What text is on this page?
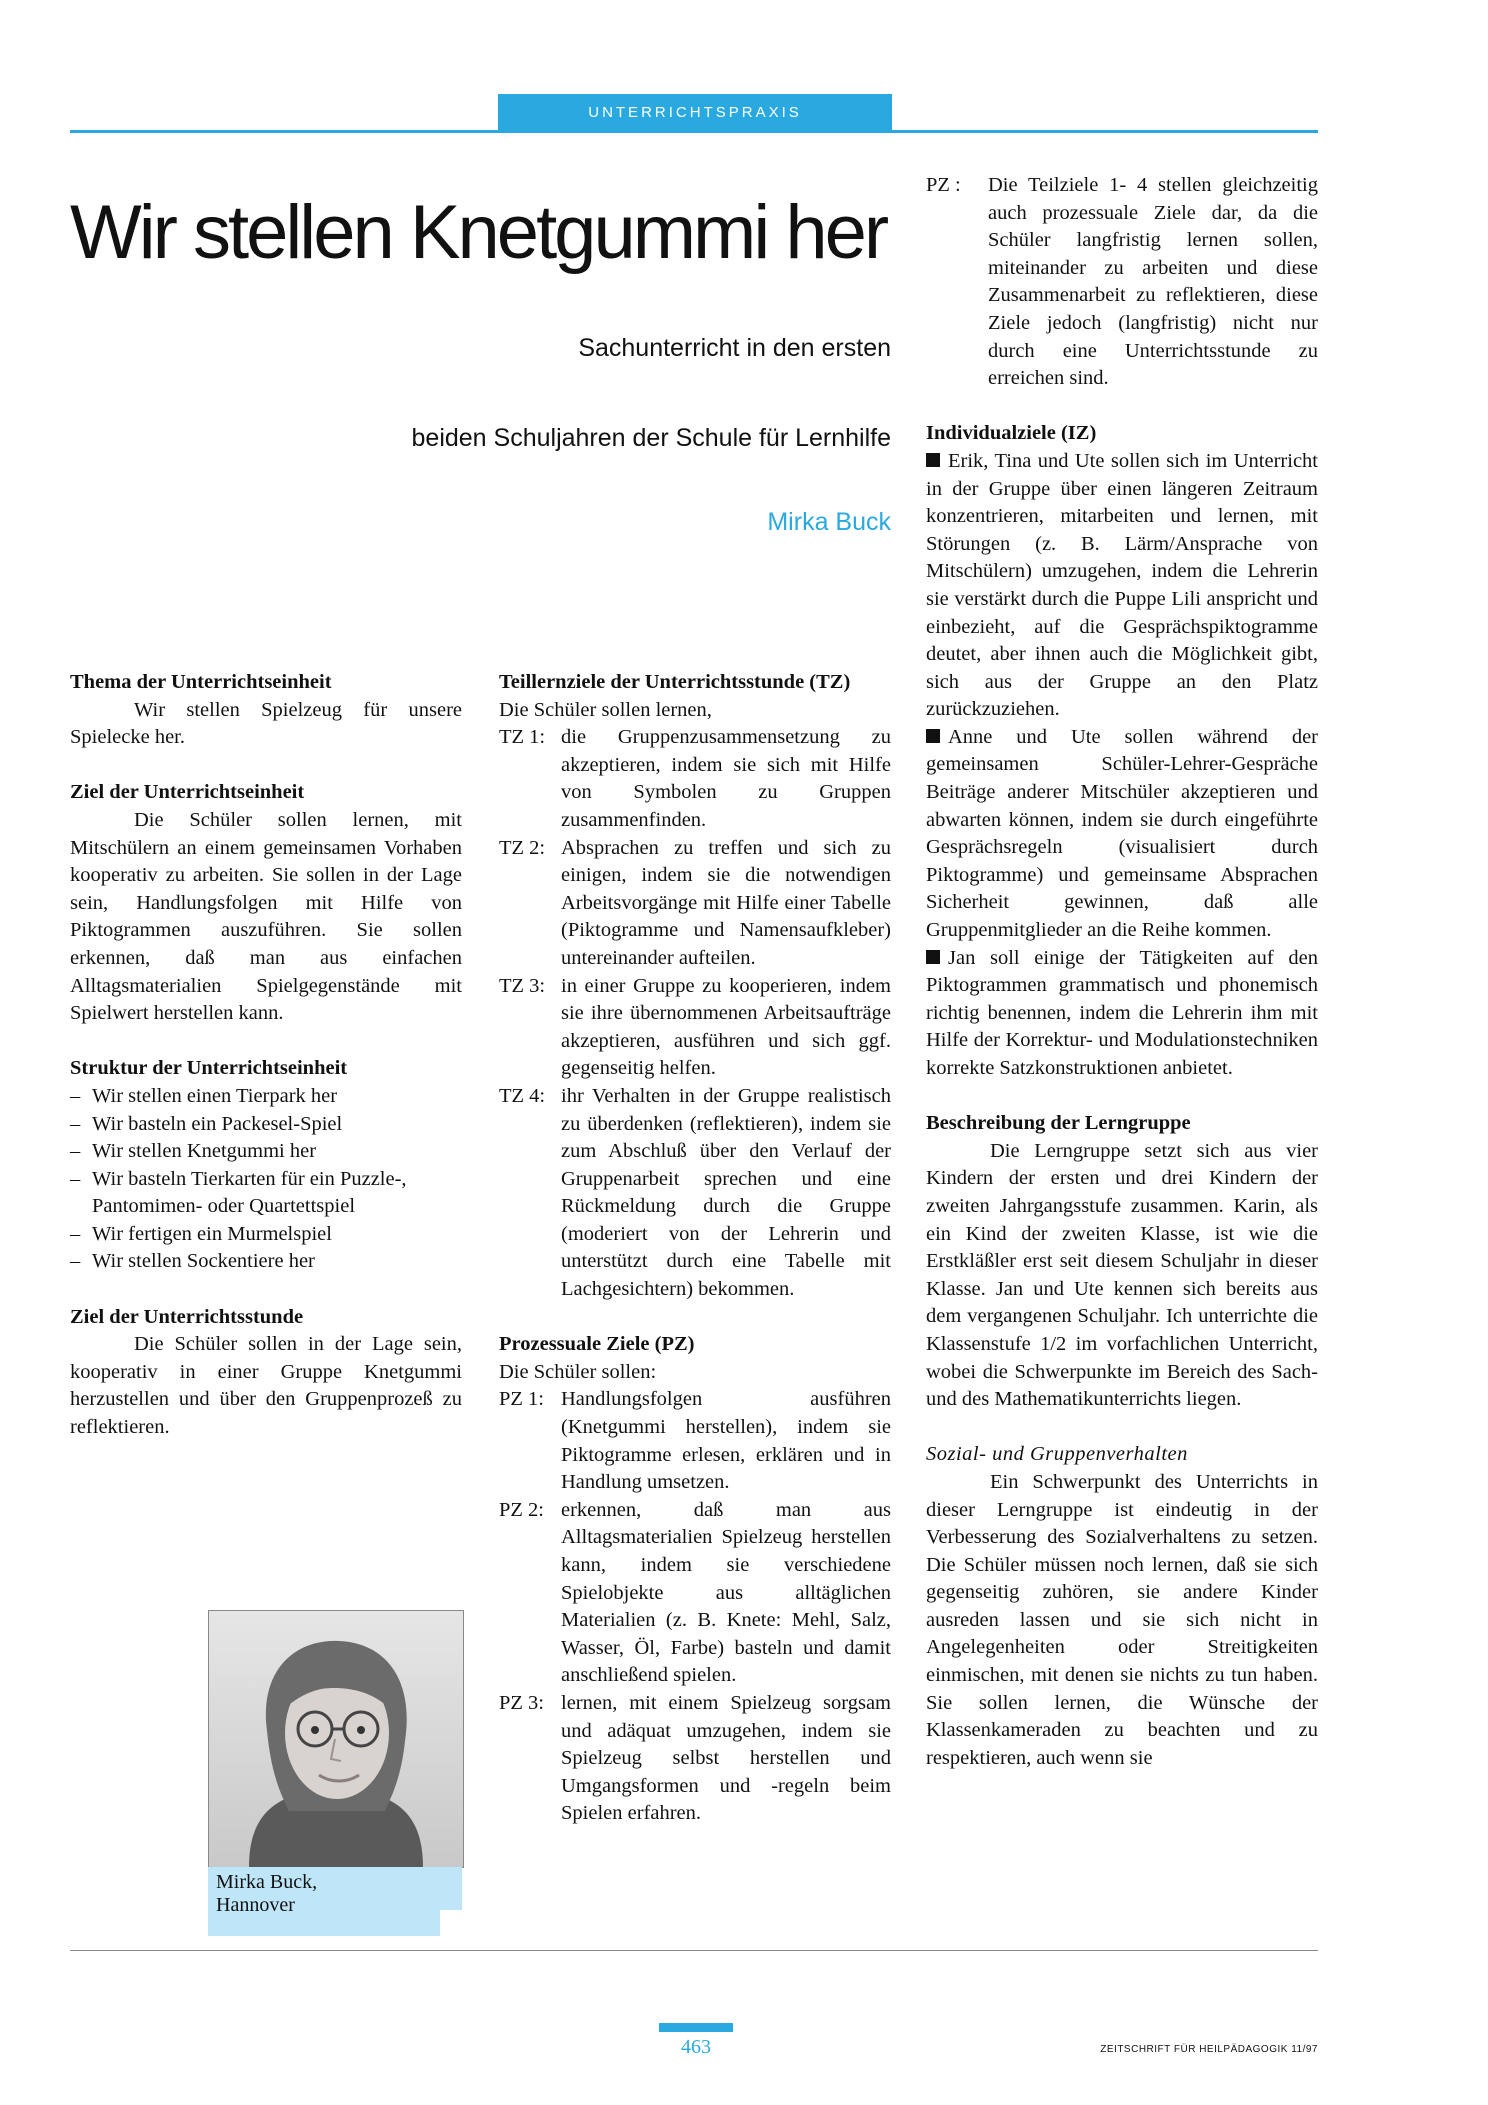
UNTERRICHTSPRAXIS
Wir stellen Knetgummi her
Sachunterricht in den ersten
beiden Schuljahren der Schule für Lernhilfe
Mirka Buck
Thema der Unterrichtseinheit

Wir stellen Spielzeug für unsere Spielecke her.

Ziel der Unterrichtseinheit

Die Schüler sollen lernen, mit Mitschülern an einem gemeinsamen Vorhaben kooperativ zu arbeiten. Sie sollen in der Lage sein, Handlungsfolgen mit Hilfe von Piktogrammen auszuführen. Sie sollen erkennen, daß man aus einfachen Alltagsmaterialien Spielgegenstände mit Spielwert herstellen kann.

Struktur der Unterrichtseinheit
– Wir stellen einen Tierpark her
– Wir basteln ein Packesel-Spiel
– Wir stellen Knetgummi her
– Wir basteln Tierkarten für ein Puzzle-, Pantomimen- oder Quartettspiel
– Wir fertigen ein Murmelspiel
– Wir stellen Sockentiere her
Ziel der Unterrichtsstunde

Die Schüler sollen in der Lage sein, kooperativ in einer Gruppe Knetgummi herzustellen und über den Gruppenprozeß zu reflektieren.

Mirka Buck,
Hannover
Teillernziele der Unterrichtsstunde (TZ)

Die Schüler sollen lernen,

TZ 1: die Gruppenzusammensetzung zu akzeptieren, indem sie sich mit Hilfe von Symbolen zu Gruppen zusammenfinden.
TZ 2: Absprachen zu treffen und sich zu einigen, indem sie die notwendigen Arbeitsvorgänge mit Hilfe einer Tabelle (Piktogramme und Namensaufkleber) untereinander aufteilen.
TZ 3: in einer Gruppe zu kooperieren, indem sie ihre übernommenen Arbeitsaufträge akzeptieren, ausführen und sich ggf. gegenseitig helfen.
TZ 4: ihr Verhalten in der Gruppe realistisch zu überdenken (reflektieren), indem sie zum Abschluß über den Verlauf der Gruppenarbeit sprechen und eine Rückmeldung durch die Gruppe (moderiert von der Lehrerin und unterstützt durch eine Tabelle mit Lachgesichtern) bekommen.
Prozessuale Ziele (PZ)

Die Schüler sollen:

PZ 1: Handlungsfolgen ausführen (Knetgummi herstellen), indem sie Piktogramme erlesen, erklären und in Handlung umsetzen.
PZ 2: erkennen, daß man aus Alltagsmaterialien Spielzeug herstellen kann, indem sie verschiedene Spielobjekte aus alltäglichen Materialien (z. B. Knete: Mehl, Salz, Wasser, Öl, Farbe) basteln und damit anschließend spielen.
PZ 3: lernen, mit einem Spielzeug sorgsam und adäquat umzugehen, indem sie Spielzeug selbst herstellen und Umgangsformen und -regeln beim Spielen erfahren.
PZ : Die Teilziele 1- 4 stellen gleichzeitig auch prozessuale Ziele dar, da die Schüler langfristig lernen sollen, miteinander zu arbeiten und diese Zusammenarbeit zu reflektieren, diese Ziele jedoch (langfristig) nicht nur durch eine Unterrichtsstunde zu erreichen sind.
Individualziele (IZ)

Erik, Tina und Ute sollen sich im Unterricht in der Gruppe über einen längeren Zeitraum konzentrieren, mitarbeiten und lernen, mit Störungen (z. B. Lärm/Ansprache von Mitschülern) umzugehen, indem die Lehrerin sie verstärkt durch die Puppe Lili anspricht und einbezieht, auf die Gesprächspiktogramme deutet, aber ihnen auch die Möglichkeit gibt, sich aus der Gruppe an den Platz zurückzuziehen.

Anne und Ute sollen während der gemeinsamen Schüler-Lehrer-Gespräche Beiträge anderer Mitschüler akzeptieren und abwarten können, indem sie durch eingeführte Gesprächsregeln (visualisiert durch Piktogramme) und gemeinsame Absprachen Sicherheit gewinnen, daß alle Gruppenmitglieder an die Reihe kommen.

Jan soll einige der Tätigkeiten auf den Piktogrammen grammatisch und phonemisch richtig benennen, indem die Lehrerin ihm mit Hilfe der Korrektur- und Modulationstechniken korrekte Satzkonstruktionen anbietet.

Beschreibung der Lerngruppe

Die Lerngruppe setzt sich aus vier Kindern der ersten und drei Kindern der zweiten Jahrgangsstufe zusammen. Karin, als ein Kind der zweiten Klasse, ist wie die Erstkläßler erst seit diesem Schuljahr in dieser Klasse. Jan und Ute kennen sich bereits aus dem vergangenen Schuljahr. Ich unterrichte die Klassenstufe 1/2 im vorfachlichen Unterricht, wobei die Schwerpunkte im Bereich des Sach- und des Mathematikunterrichts liegen.

Sozial- und Gruppenverhalten

Ein Schwerpunkt des Unterrichts in dieser Lerngruppe ist eindeutig in der Verbesserung des Sozialverhaltens zu setzen. Die Schüler müssen noch lernen, daß sie sich gegenseitig zuhören, sie andere Kinder ausreden lassen und sie sich nicht in Angelegenheiten oder Streitigkeiten einmischen, mit denen sie nichts zu tun haben. Sie sollen lernen, die Wünsche der Klassenkameraden zu beachten und zu respektieren, auch wenn sie

463	ZEITSCHRIFT FÜR HEILPÄDAGOGIK 11/97
